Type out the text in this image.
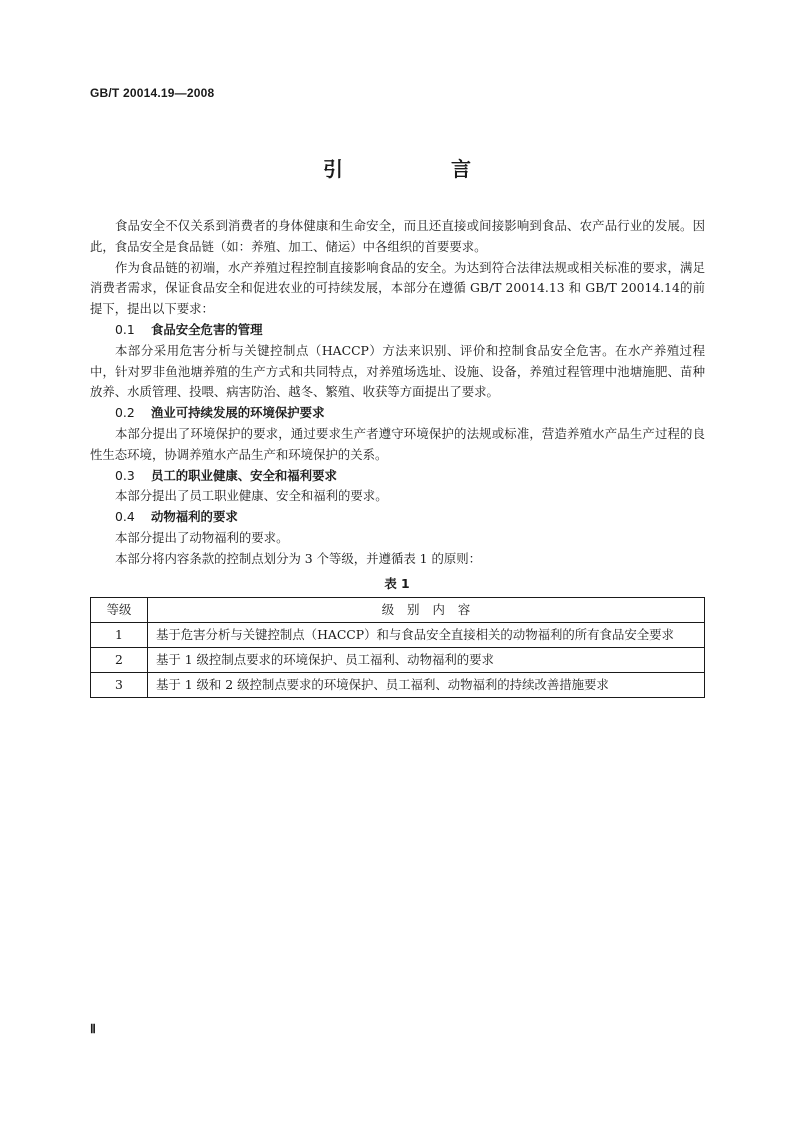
GB/T 20014.19—2008
引　言

食品安全不仅关系到消费者的身体健康和生命安全，而且还直接或间接影响到食品、农产品行业的发展。因此，食品安全是食品链（如：养殖、加工、储运）中各组织的首要要求。

作为食品链的初端，水产养殖过程控制直接影响食品的安全。为达到符合法律法规或相关标准的要求，满足消费者需求，保证食品安全和促进农业的可持续发展，本部分在遵循 GB/T 20014.13 和 GB/T 20014.14的前提下，提出以下要求：

0.1 食品安全危害的管理

本部分采用危害分析与关键控制点（HACCP）方法来识别、评价和控制食品安全危害。在水产养殖过程中，针对罗非鱼池塘养殖的生产方式和共同特点，对养殖场选址、设施、设备，养殖过程管理中池塘施肥、苗种放养、水质管理、投喂、病害防治、越冬、繁殖、收获等方面提出了要求。

0.2 渔业可持续发展的环境保护要求

本部分提出了环境保护的要求，通过要求生产者遵守环境保护的法规或标准，营造养殖水产品生产过程的良性生态环境，协调养殖水产品生产和环境保护的关系。

0.3 员工的职业健康、安全和福利要求

本部分提出了员工职业健康、安全和福利的要求。

0.4 动物福利的要求

本部分提出了动物福利的要求。

本部分将内容条款的控制点划分为 3 个等级，并遵循表 1 的原则：

表 1
等级	级别内容
1	基于危害分析与关键控制点（HACCP）和与食品安全直接相关的动物福利的所有食品安全要求
2	基于 1 级控制点要求的环境保护、员工福利、动物福利的要求
3	基于 1 级和 2 级控制点要求的环境保护、员工福利、动物福利的持续改善措施要求
Ⅱ
